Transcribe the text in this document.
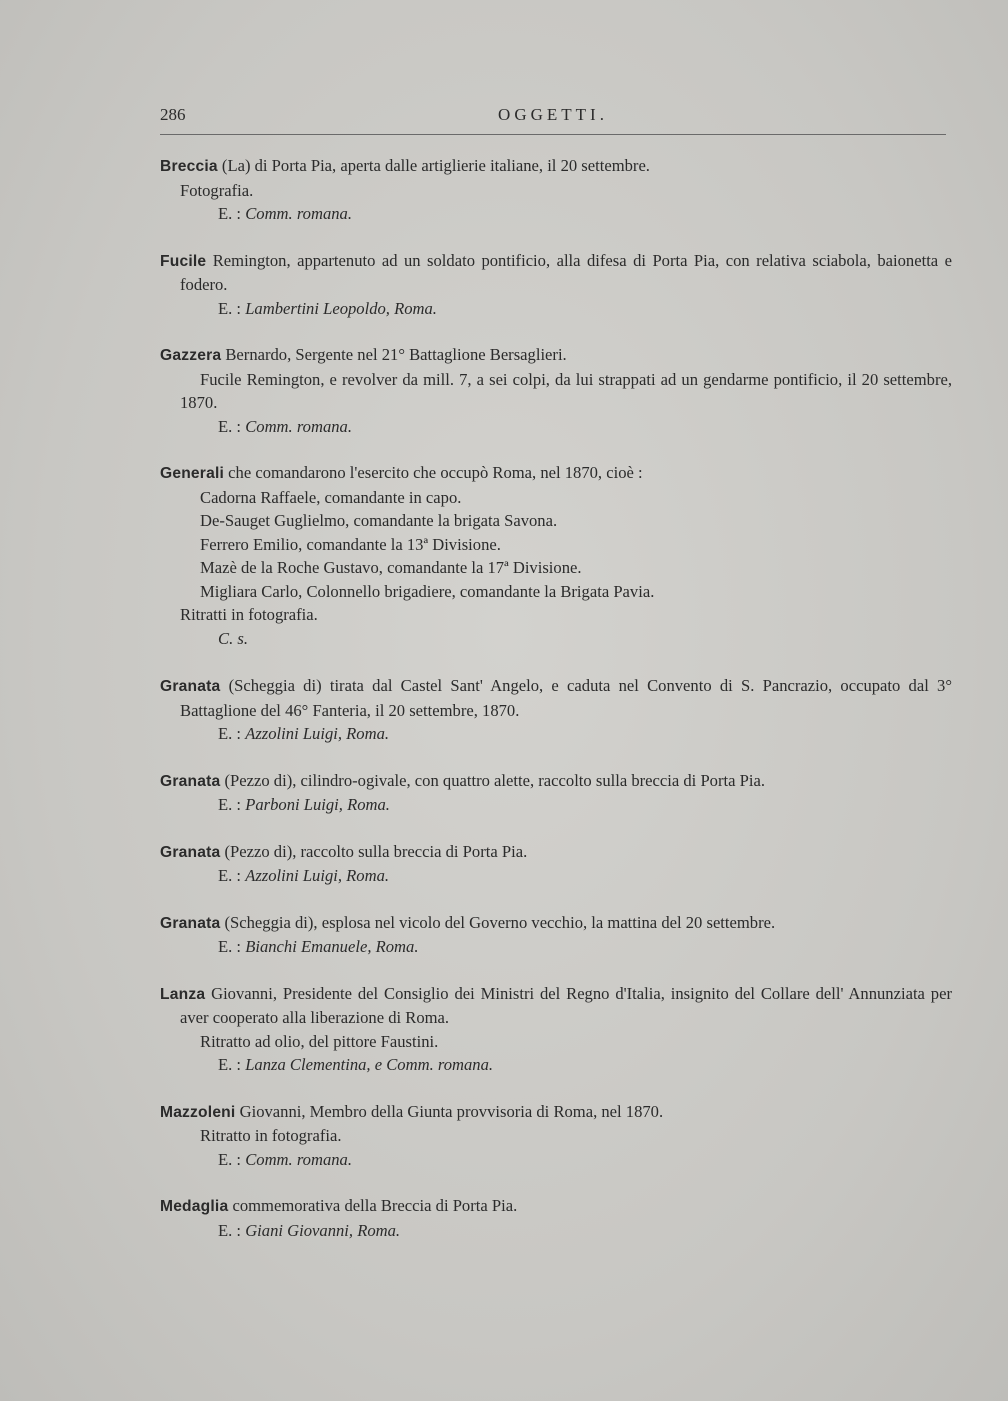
286	OGGETTI.

Breccia (La) di Porta Pia, aperta dalle artiglierie italiane, il 20 settembre.

Fotografia.

E. : Comm. romana.

Fucile Remington, appartenuto ad un soldato pontificio, alla difesa di Porta Pia, con relativa sciabola, baionetta e fodero.

E. : Lambertini Leopoldo, Roma.

Gazzera Bernardo, Sergente nel 21° Battaglione Bersaglieri.

Fucile Remington, e revolver da mill. 7, a sei colpi, da lui strappati ad un gendarme pontificio, il 20 settembre, 1870.

E. : Comm. romana.

Generali che comandarono l'esercito che occupò Roma, nel 1870, cioè :

Cadorna Raffaele, comandante in capo.

De-Sauget Guglielmo, comandante la brigata Savona.

Ferrero Emilio, comandante la 13ª Divisione.

Mazè de la Roche Gustavo, comandante la 17ª Divisione.

Migliara Carlo, Colonnello brigadiere, comandante la Brigata Pavia.

Ritratti in fotografia.

C. s.

Granata (Scheggia di) tirata dal Castel Sant' Angelo, e caduta nel Convento di S. Pancrazio, occupato dal 3° Battaglione del 46° Fanteria, il 20 settembre, 1870.

E. : Azzolini Luigi, Roma.

Granata (Pezzo di), cilindro-ogivale, con quattro alette, raccolto sulla breccia di Porta Pia.

E. : Parboni Luigi, Roma.

Granata (Pezzo di), raccolto sulla breccia di Porta Pia.

E. : Azzolini Luigi, Roma.

Granata (Scheggia di), esplosa nel vicolo del Governo vecchio, la mattina del 20 settembre.

E. : Bianchi Emanuele, Roma.

Lanza Giovanni, Presidente del Consiglio dei Ministri del Regno d'Italia, insignito del Collare dell' Annunziata per aver cooperato alla liberazione di Roma.

Ritratto ad olio, del pittore Faustini.

E. : Lanza Clementina, e Comm. romana.

Mazzoleni Giovanni, Membro della Giunta provvisoria di Roma, nel 1870.

Ritratto in fotografia.

E. : Comm. romana.

Medaglia commemorativa della Breccia di Porta Pia.

E. : Giani Giovanni, Roma.
